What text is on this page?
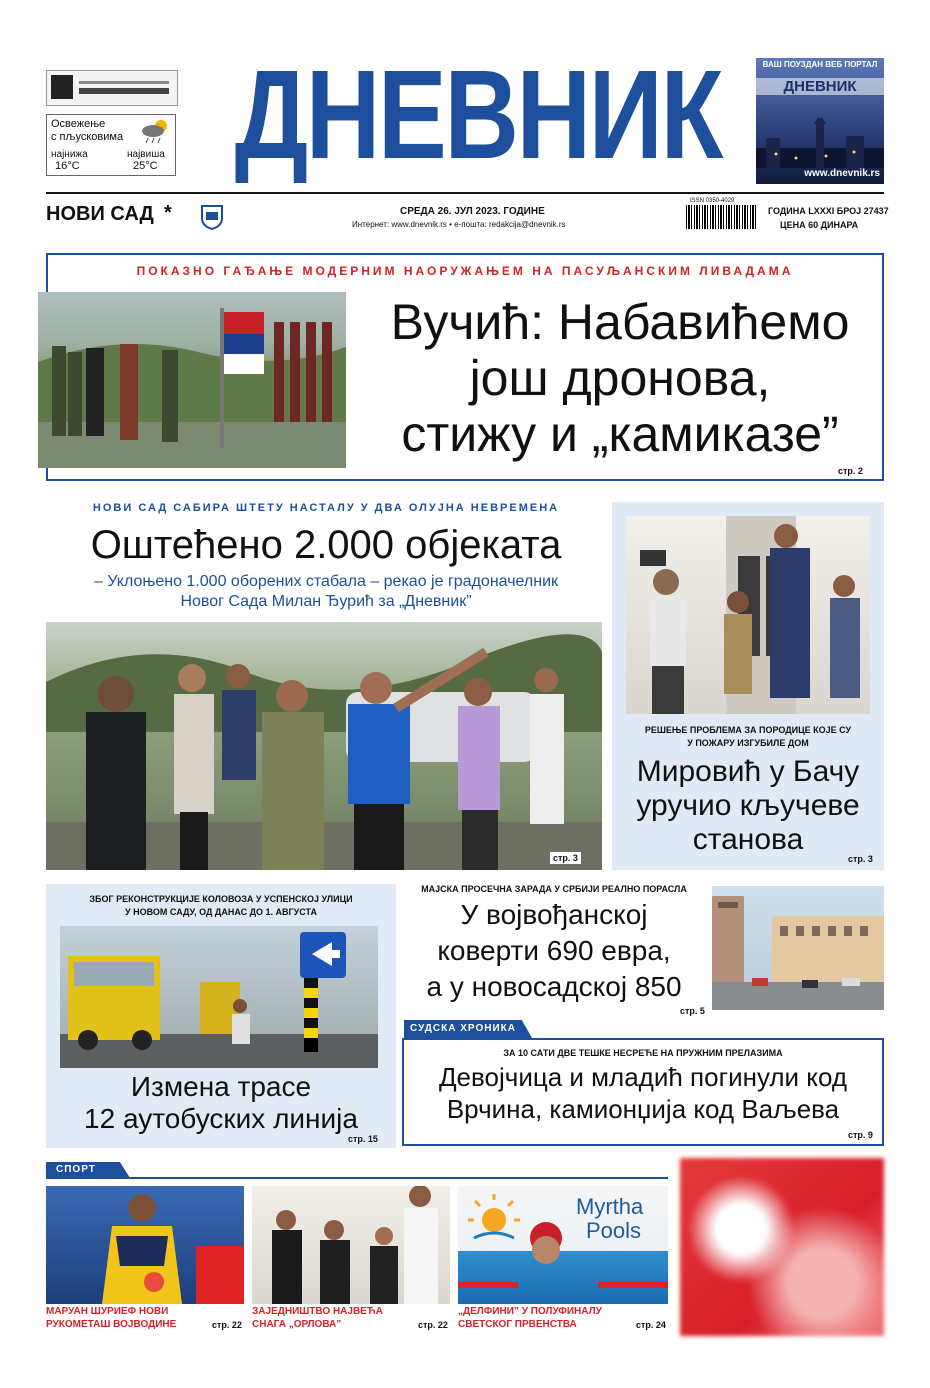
Освежење
с пљусковима
најнижа	највиша
16°C	25°C ДНЕВНИК	ВАШ ПОУЗДАН ВЕБ ПОРТАЛ
ДНЕВНИК
www.dnevnik.rs
НОВИ САД *	СРЕДА 26. ЈУЛ 2023. ГОДИНЕ
Интернет: www.dnevnik.rs • е-пошта: redakcija@dnevnik.rs
ISSN 0350-4029
ГОДИНА LXXXI БРОЈ 27437
ЦЕНА 60 ДИНАРА
ПОКАЗНО ГАЂАЊЕ МОДЕРНИМ НАОРУЖАЊЕМ НА ПАСУЉАНСКИМ ЛИВАДАМА
Вучић: Набавићемо
још дронова,
стижу и „камиказе”
стр. 2
НОВИ САД САБИРА ШТЕТУ НАСТАЛУ У ДВА ОЛУЈНА НЕВРЕМЕНА
Оштећено 2.000 објеката
– Уклоњено 1.000 оборених стабала – рекао је градоначелник
Новог Сада Милан Ђурић за „Дневник”
стр. 3
РЕШЕЊЕ ПРОБЛЕМА ЗА ПОРОДИЦЕ КОЈЕ СУ
У ПОЖАРУ ИЗГУБИЛЕ ДОМ
Мировић у Бачу
уручио кључеве
станова
стр. 3
ЗБОГ РЕКОНСТРУКЦИЈЕ КОЛОВОЗА У УСПЕНСКОЈ УЛИЦИ
У НОВОМ САДУ, ОД ДАНАС ДО 1. АВГУСТА
Измена трасе
12 аутобуских линија
стр. 15
МАЈСКА ПРОСЕЧНА ЗАРАДА У СРБИЈИ РЕАЛНО ПОРАСЛА
У војвођанској
коверти 690 евра,
а у новосадској 850
стр. 5
СУДСКА ХРОНИКА
ЗА 10 САТИ ДВЕ ТЕШКЕ НЕСРЕЋЕ НА ПРУЖНИМ ПРЕЛАЗИМА
Девојчица и младић погинули код
Врчина, камионџија код Ваљева
стр. 9
СПОРТ
МАРУАН ШУРИЕФ НОВИ
РУКОМЕТАШ ВОЈВОДИНЕ	стр. 22
ЗАЈЕДНИШТВО НАЈВЕЋА
СНАГА „ОРЛОВА”	стр. 22
Myrtha
Pools
„ДЕЛФИНИ” У ПОЛУФИНАЛУ
СВЕТСКОГ ПРВЕНСТВА	стр. 24
